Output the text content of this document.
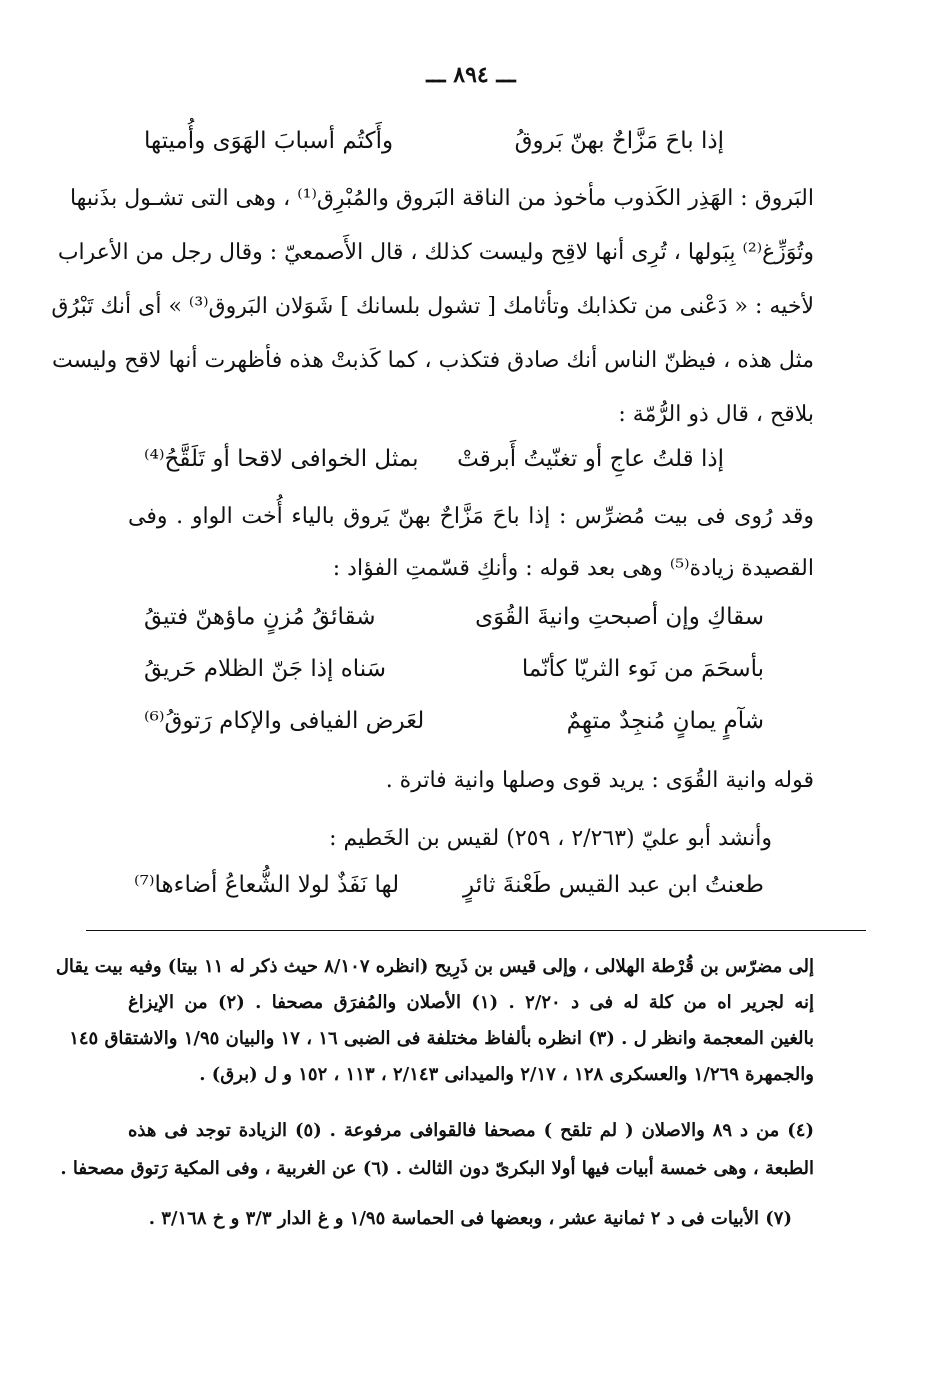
ـــ ٨٩٤ ـــ
إذا باحَ مَزَّاحٌ بهنّ بَروقُ
وأَكتُم أسبابَ الهَوَى وأُميتها
البَروق : الهَذِر الكَذوب مأخوذ من الناقة البَروق والمُبْرِق⁽¹⁾ ، وهى التى تشـول بذَنبها
وتُوَزِّغ⁽²⁾ بِبَولها ، تُرِى أنها لاقِح وليست كذلك ، قال الأَصمعيّ : وقال رجل من الأعراب
لأخيه : « دَعْنى من تكذابك وتأثامك [ تشول بلسانك ] شَوَلان البَروق⁽³⁾ » أى أنك تَبْرُق
مثل هذه ، فيظنّ الناس أنك صادق فتكذب ، كما كَذبتْ هذه فأظهرت أنها لاقح وليست
بلاقح ، قال ذو الرُّمّة :
إذا قلتُ عاجِ أو تغنّيتُ أَبرقتْ
بمثل الخوافى لاقحا أو تَلَقَّحُ⁽⁴⁾
وقد رُوى فى بيت مُضرِّس : إذا باحَ مَزَّاحٌ بهنّ يَروق بالياء أُخت الواو . وفى
القصيدة زيادة⁽⁵⁾ وهى بعد قوله : وأنكِ قسّمتِ الفؤاد :
سقاكِ وإن أصبحتِ وانيةَ القُوَى
شقائقُ مُزنٍ ماؤهنّ فتيقُ
بأسحَمَ من نَوء الثريّا كأنّما
سَناه إذا جَنّ الظلام حَريقُ
شآمٍ يمانٍ مُنجِدٌ متهِمٌ
لعَرض الفيافى والإكام رَتوقُ⁽⁶⁾
قوله وانية القُوَى : يريد قوى وصلها وانية فاترة .
وأنشد أبو عليّ (٢/٢٦٣ ، ٢٥٩) لقيس بن الخَطيم :
طعنتُ ابن عبد القيس طَعْنةَ ثائرٍ
لها نَفَذٌ لولا الشُّعاعُ أضاءها⁽⁷⁾
إلى مضرّس بن قُرْطة الهلالى ، وإلى قيس بن ذَرِيح (انظره ٨/١٠٧ حيث ذكر له ١١ بيتا) وفيه بيت يقال
إنه لجرير اه من كلة له فى د ٢/٢٠ . (١) الأصلان والمُفرَق مصحفا . (٢) من الإيزاغ
بالغين المعجمة وانظر ل . (٣) انظره بألفاظ مختلفة فى الضبى ١٦ ، ١٧ والبيان ١/٩٥ والاشتقاق ١٤٥
والجمهرة ١/٢٦٩ والعسكرى ١٢٨ ، ٢/١٧ والميدانى ٢/١٤٣ ، ١١٣ ، ١٥٢ و ل (برق) .
(٤) من د ٨٩ والاصلان ( لم تلقح ) مصحفا فالقوافى مرفوعة . (٥) الزيادة توجد فى هذه
الطبعة ، وهى خمسة أبيات فيها أولا البكرىّ دون الثالث . (٦) عن الغربية ، وفى المكية رَتوق مصحفا .
(٧) الأبيات فى د ٢ ثمانية عشر ، وبعضها فى الحماسة ١/٩٥ و غ الدار ٣/٣ و خ ٣/١٦٨ .
